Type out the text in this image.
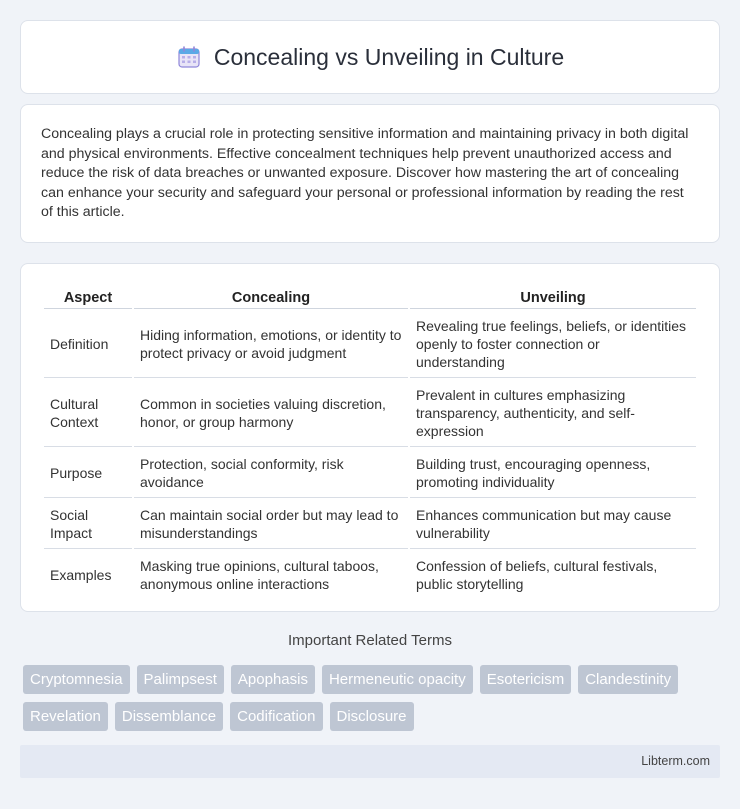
Concealing vs Unveiling in Culture

Concealing plays a crucial role in protecting sensitive information and maintaining privacy in both digital and physical environments. Effective concealment techniques help prevent unauthorized access and reduce the risk of data breaches or unwanted exposure. Discover how mastering the art of concealing can enhance your security and safeguard your personal or professional information by reading the rest of this article.

Aspect	Concealing	Unveiling
Definition	Hiding information, emotions, or identity to protect privacy or avoid judgment	Revealing true feelings, beliefs, or identities openly to foster connection or understanding
Cultural Context	Common in societies valuing discretion, honor, or group harmony	Prevalent in cultures emphasizing transparency, authenticity, and self-expression
Purpose	Protection, social conformity, risk avoidance	Building trust, encouraging openness, promoting individuality
Social Impact	Can maintain social order but may lead to misunderstandings	Enhances communication but may cause vulnerability
Examples	Masking true opinions, cultural taboos, anonymous online interactions	Confession of beliefs, cultural festivals, public storytelling
Important Related Terms
Cryptomnesia	Palimpsest	Apophasis	Hermeneutic opacity	Esotericism	Clandestinity
Revelation	Dissemblance	Codification	Disclosure
Libterm.com
